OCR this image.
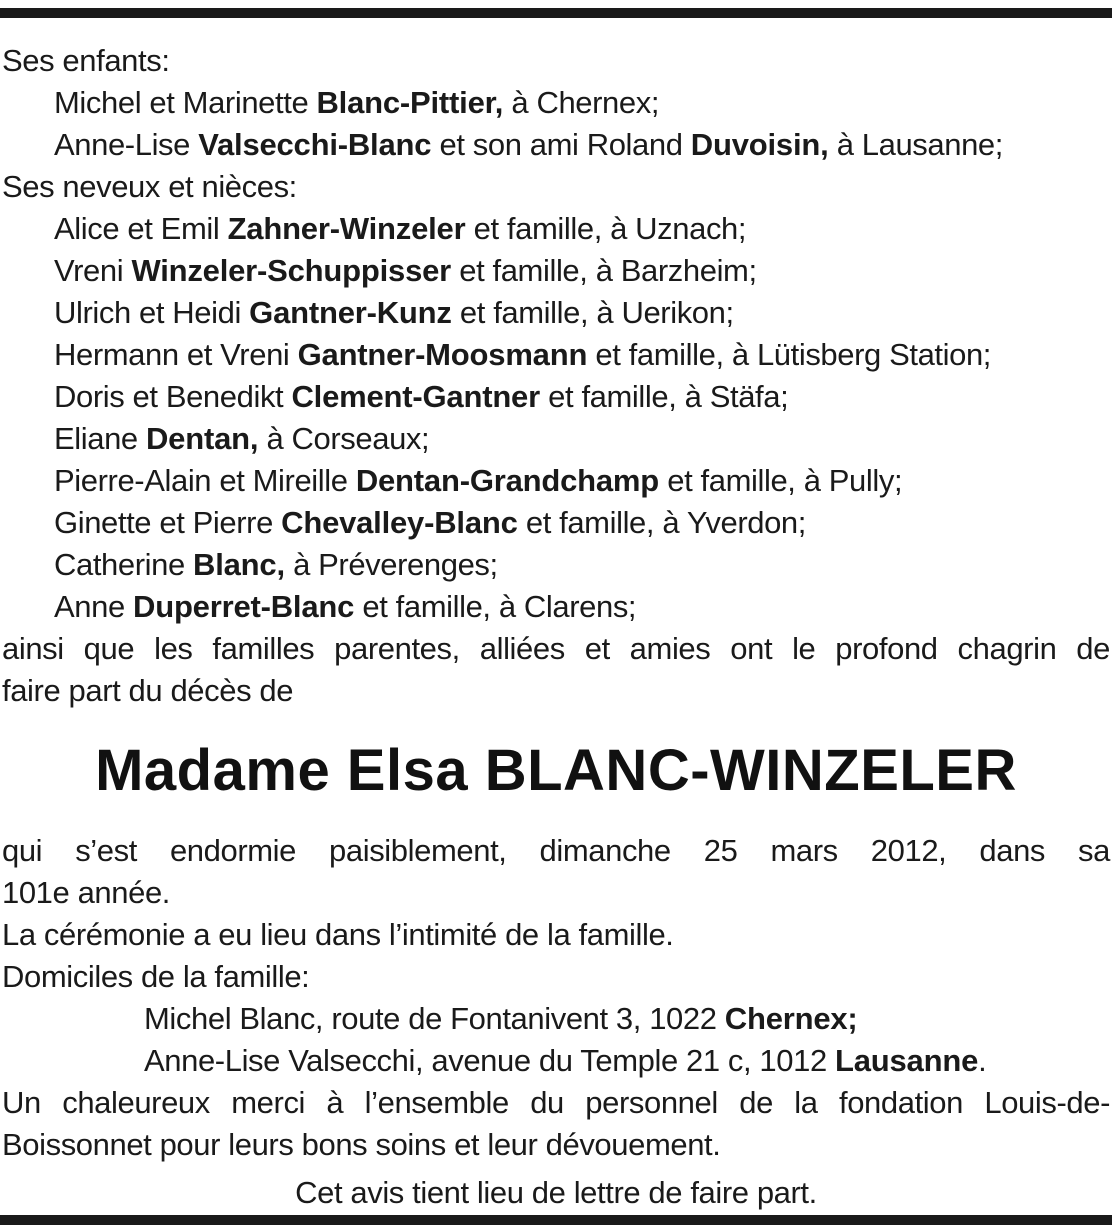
Ses enfants:
Michel et Marinette Blanc-Pittier, à Chernex;
Anne-Lise Valsecchi-Blanc et son ami Roland Duvoisin, à Lausanne;
Ses neveux et nièces:
Alice et Emil Zahner-Winzeler et famille, à Uznach;
Vreni Winzeler-Schuppisser et famille, à Barzheim;
Ulrich et Heidi Gantner-Kunz et famille, à Uerikon;
Hermann et Vreni Gantner-Moosmann et famille, à Lütisberg Station;
Doris et Benedikt Clement-Gantner et famille, à Stäfa;
Eliane Dentan, à Corseaux;
Pierre-Alain et Mireille Dentan-Grandchamp et famille, à Pully;
Ginette et Pierre Chevalley-Blanc et famille, à Yverdon;
Catherine Blanc, à Préverenges;
Anne Duperret-Blanc et famille, à Clarens;
ainsi que les familles parentes, alliées et amies ont le profond chagrin de
faire part du décès de
Madame Elsa BLANC-WINZELER
qui s’est endormie paisiblement, dimanche 25 mars 2012, dans sa
101e année.
La cérémonie a eu lieu dans l’intimité de la famille.
Domiciles de la famille:
Michel Blanc, route de Fontanivent 3, 1022 Chernex;
Anne-Lise Valsecchi, avenue du Temple 21 c, 1012 Lausanne.
Un chaleureux merci à l’ensemble du personnel de la fondation Louis-de-
Boissonnet pour leurs bons soins et leur dévouement.
Cet avis tient lieu de lettre de faire part.
